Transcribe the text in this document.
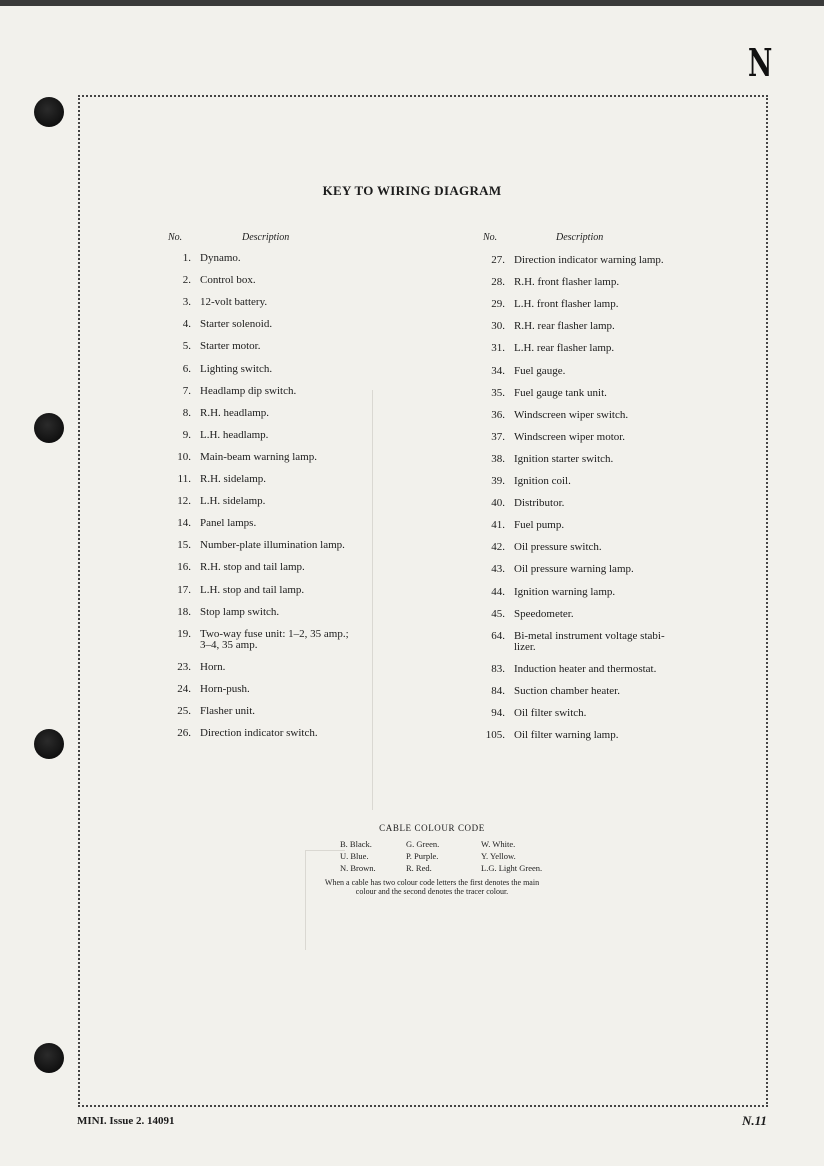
N
KEY TO WIRING DIAGRAM
No.	Description	No.	Description
1. Dynamo.
2. Control box.
3. 12-volt battery.
4. Starter solenoid.
5. Starter motor.
6. Lighting switch.
7. Headlamp dip switch.
8. R.H. headlamp.
9. L.H. headlamp.
10. Main-beam warning lamp.
11. R.H. sidelamp.
12. L.H. sidelamp.
14. Panel lamps.
15. Number-plate illumination lamp.
16. R.H. stop and tail lamp.
17. L.H. stop and tail lamp.
18. Stop lamp switch.
19. Two-way fuse unit: 1–2, 35 amp.;
3–4, 35 amp.
23. Horn.
24. Horn-push.
25. Flasher unit.
26. Direction indicator switch.
27. Direction indicator warning lamp.
28. R.H. front flasher lamp.
29. L.H. front flasher lamp.
30. R.H. rear flasher lamp.
31. L.H. rear flasher lamp.
34. Fuel gauge.
35. Fuel gauge tank unit.
36. Windscreen wiper switch.
37. Windscreen wiper motor.
38. Ignition starter switch.
39. Ignition coil.
40. Distributor.
41. Fuel pump.
42. Oil pressure switch.
43. Oil pressure warning lamp.
44. Ignition warning lamp.
45. Speedometer.
64. Bi-metal instrument voltage stabi-
lizer.
83. Induction heater and thermostat.
84. Suction chamber heater.
94. Oil filter switch.
105. Oil filter warning lamp.
CABLE COLOUR CODE
B. Black.	G. Green.	W. White.
U. Blue.	P. Purple.	Y. Yellow.
N. Brown.	R. Red.	L.G. Light Green.
When a cable has two colour code letters the first denotes the main
colour and the second denotes the tracer colour.
MINI. Issue 2. 14091	N.11
